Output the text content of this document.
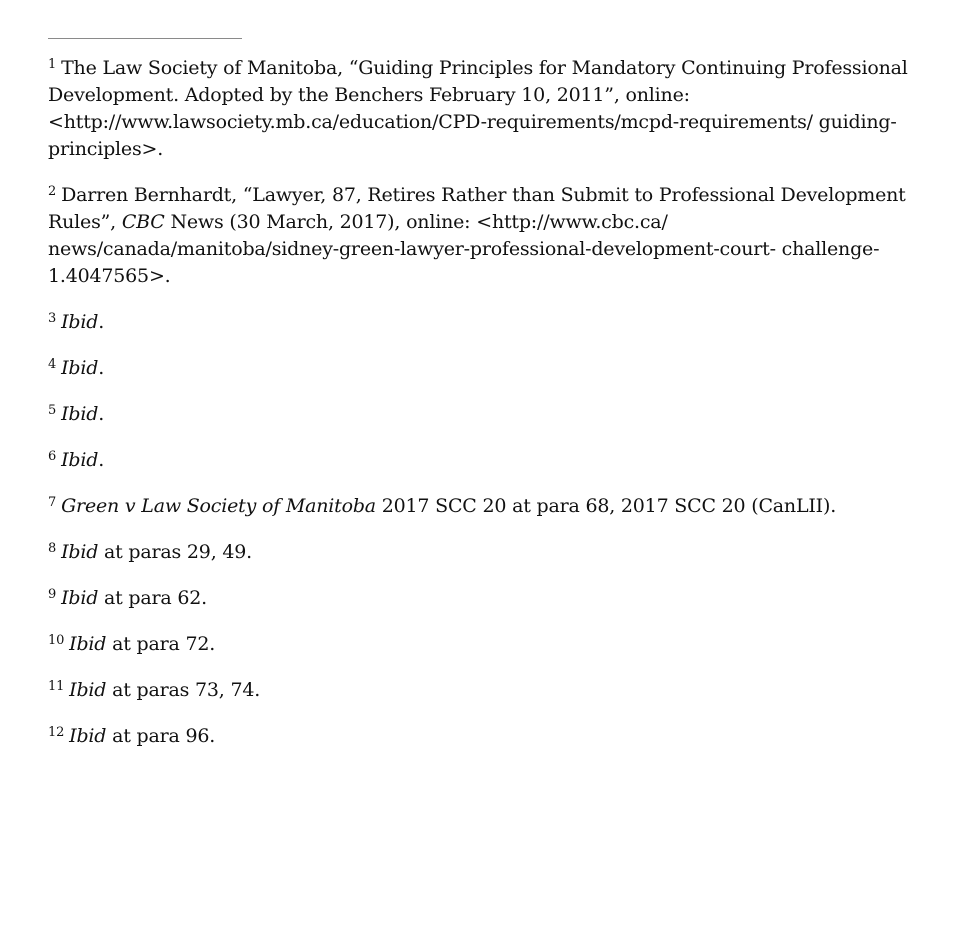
$^1$ The Law Society of Manitoba, “Guiding Principles for Mandatory Continuing Professional Development. Adopted by the Benchers February 10, 2011”, online: <http://www.lawsociety.mb.ca/education/CPD-requirements/mcpd-requirements/ guiding-principles>.
$^2$ Darren Bernhardt, “Lawyer, 87, Retires Rather than Submit to Professional Development Rules”, CBC News (30 March, 2017), online: <http://www.cbc.ca/ news/canada/manitoba/sidney-green-lawyer-professional-development-court- challenge-1.4047565>.
$^3$ Ibid.
$^4$ Ibid.
$^5$ Ibid.
$^6$ Ibid.
$^7$ Green v Law Society of Manitoba 2017 SCC 20 at para 68, 2017 SCC 20 (CanLII).
$^8$ Ibid at paras 29, 49.
$^9$ Ibid at para 62.
$^{10}$ Ibid at para 72.
$^{11}$ Ibid at paras 73, 74.
$^{12}$ Ibid at para 96.
